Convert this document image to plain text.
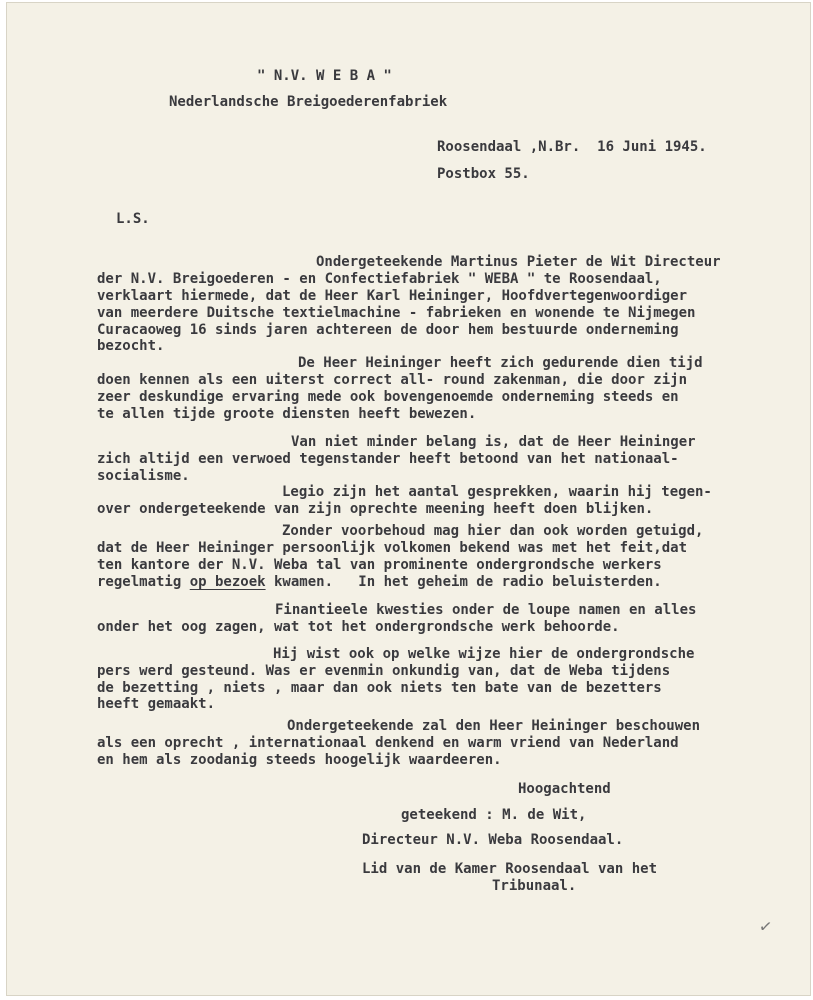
" N.V. W E B A "
Nederlandsche Breigoederenfabriek
Roosendaal ,N.Br.  16 Juni 1945.
Postbox 55.
L.S.
Ondergeteekende Martinus Pieter de Wit Directeur
der N.V. Breigoederen - en Confectiefabriek " WEBA " te Roosendaal,
verklaart hiermede, dat de Heer Karl Heininger, Hoofdvertegenwoordiger
van meerdere Duitsche textielmachine - fabrieken en wonende te Nijmegen
Curacaoweg 16 sinds jaren achtereen de door hem bestuurde onderneming
bezocht.
De Heer Heininger heeft zich gedurende dien tijd
doen kennen als een uiterst correct all- round zakenman, die door zijn
zeer deskundige ervaring mede ook bovengenoemde onderneming steeds en
te allen tijde groote diensten heeft bewezen.
Van niet minder belang is, dat de Heer Heininger
zich altijd een verwoed tegenstander heeft betoond van het nationaal-
socialisme.
Legio zijn het aantal gesprekken, waarin hij tegen-
over ondergeteekende van zijn oprechte meening heeft doen blijken.
Zonder voorbehoud mag hier dan ook worden getuigd,
dat de Heer Heininger persoonlijk volkomen bekend was met het feit,dat
ten kantore der N.V. Weba tal van prominente ondergrondsche werkers
regelmatig op bezoek kwamen.   In het geheim de radio beluisterden.
Finantieele kwesties onder de loupe namen en alles
onder het oog zagen, wat tot het ondergrondsche werk behoorde.
Hij wist ook op welke wijze hier de ondergrondsche
pers werd gesteund. Was er evenmin onkundig van, dat de Weba tijdens
de bezetting , niets , maar dan ook niets ten bate van de bezetters
heeft gemaakt.
Ondergeteekende zal den Heer Heininger beschouwen
als een oprecht , internationaal denkend en warm vriend van Nederland
en hem als zoodanig steeds hoogelijk waardeeren.
Hoogachtend
geteekend : M. de Wit,
Directeur N.V. Weba Roosendaal.
Lid van de Kamer Roosendaal van het
Tribunaal.
✓
